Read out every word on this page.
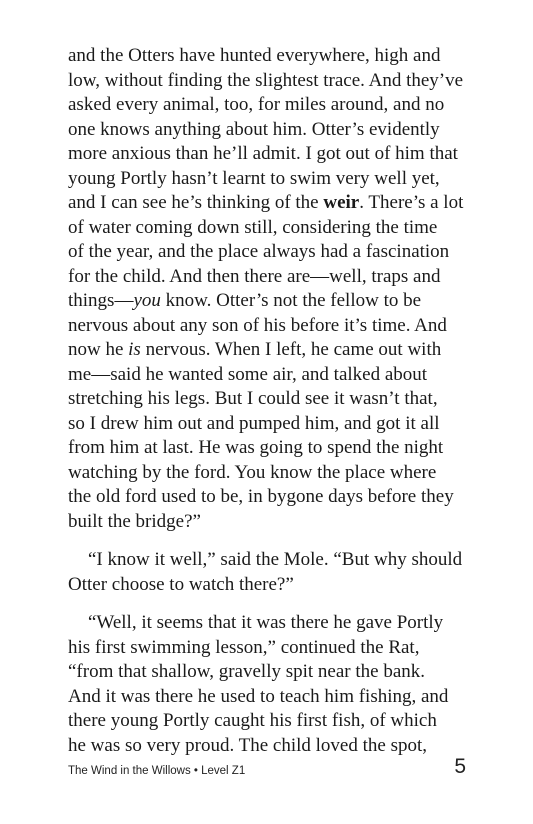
and the Otters have hunted everywhere, high and
low, without finding the slightest trace. And they’ve
asked every animal, too, for miles around, and no
one knows anything about him. Otter’s evidently
more anxious than he’ll admit. I got out of him that
young Portly hasn’t learnt to swim very well yet,
and I can see he’s thinking of the weir. There’s a lot
of water coming down still, considering the time
of the year, and the place always had a fascination
for the child. And then there are—well, traps and
things—you know. Otter’s not the fellow to be
nervous about any son of his before it’s time. And
now he is nervous. When I left, he came out with
me—said he wanted some air, and talked about
stretching his legs. But I could see it wasn’t that,
so I drew him out and pumped him, and got it all
from him at last. He was going to spend the night
watching by the ford. You know the place where
the old ford used to be, in bygone days before they
built the bridge?”

“I know it well,” said the Mole. “But why should
Otter choose to watch there?”

“Well, it seems that it was there he gave Portly
his first swimming lesson,” continued the Rat,
“from that shallow, gravelly spit near the bank.
And it was there he used to teach him fishing, and
there young Portly caught his first fish, of which
he was so very proud. The child loved the spot,

The Wind in the Willows • Level Z1	5
